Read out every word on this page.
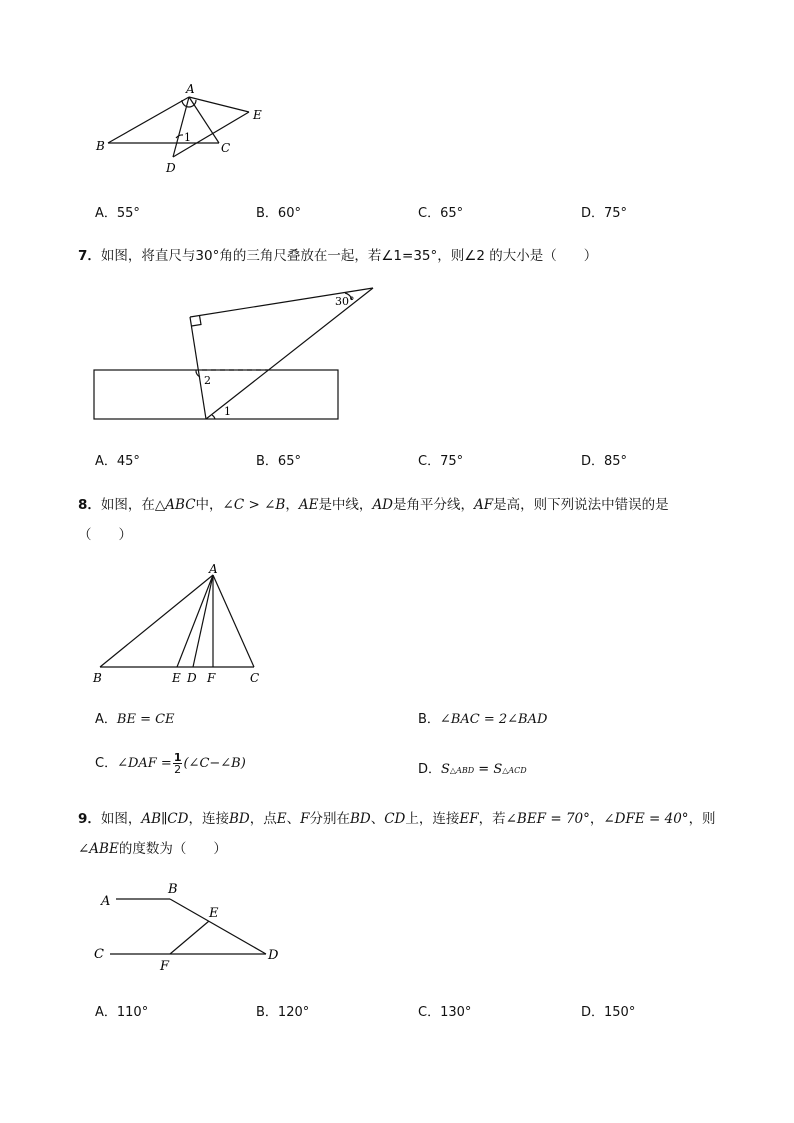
A
B	C
D
E
1
A．55°	B．60°	C．65°	D．75°
7．如图，将直尺与30°角的三角尺叠放在一起，若∠1=35°，则∠2 的大小是（　　）
30°
2
1
A．45°	B．65°	C．75°	D．85°
8．如图，在△ABC中，∠C > ∠B，AE是中线，AD是角平分线，AF是高，则下列说法中错误的是
（　　）
A
B	E D F	C
A．BE = CE	B．∠BAC = 2∠BAD
C．∠DAF = $\frac{1}{2}$ (∠C−∠B)	D．S△ABD = S△ACD
9．如图，AB∥CD，连接BD，点E、F分别在BD、CD上，连接EF，若∠BEF = 70°，∠DFE = 40°，则
∠ABE的度数为（　　）
A
B
E
C
F
D
A．110°	B．120°	C．130°	D．150°
